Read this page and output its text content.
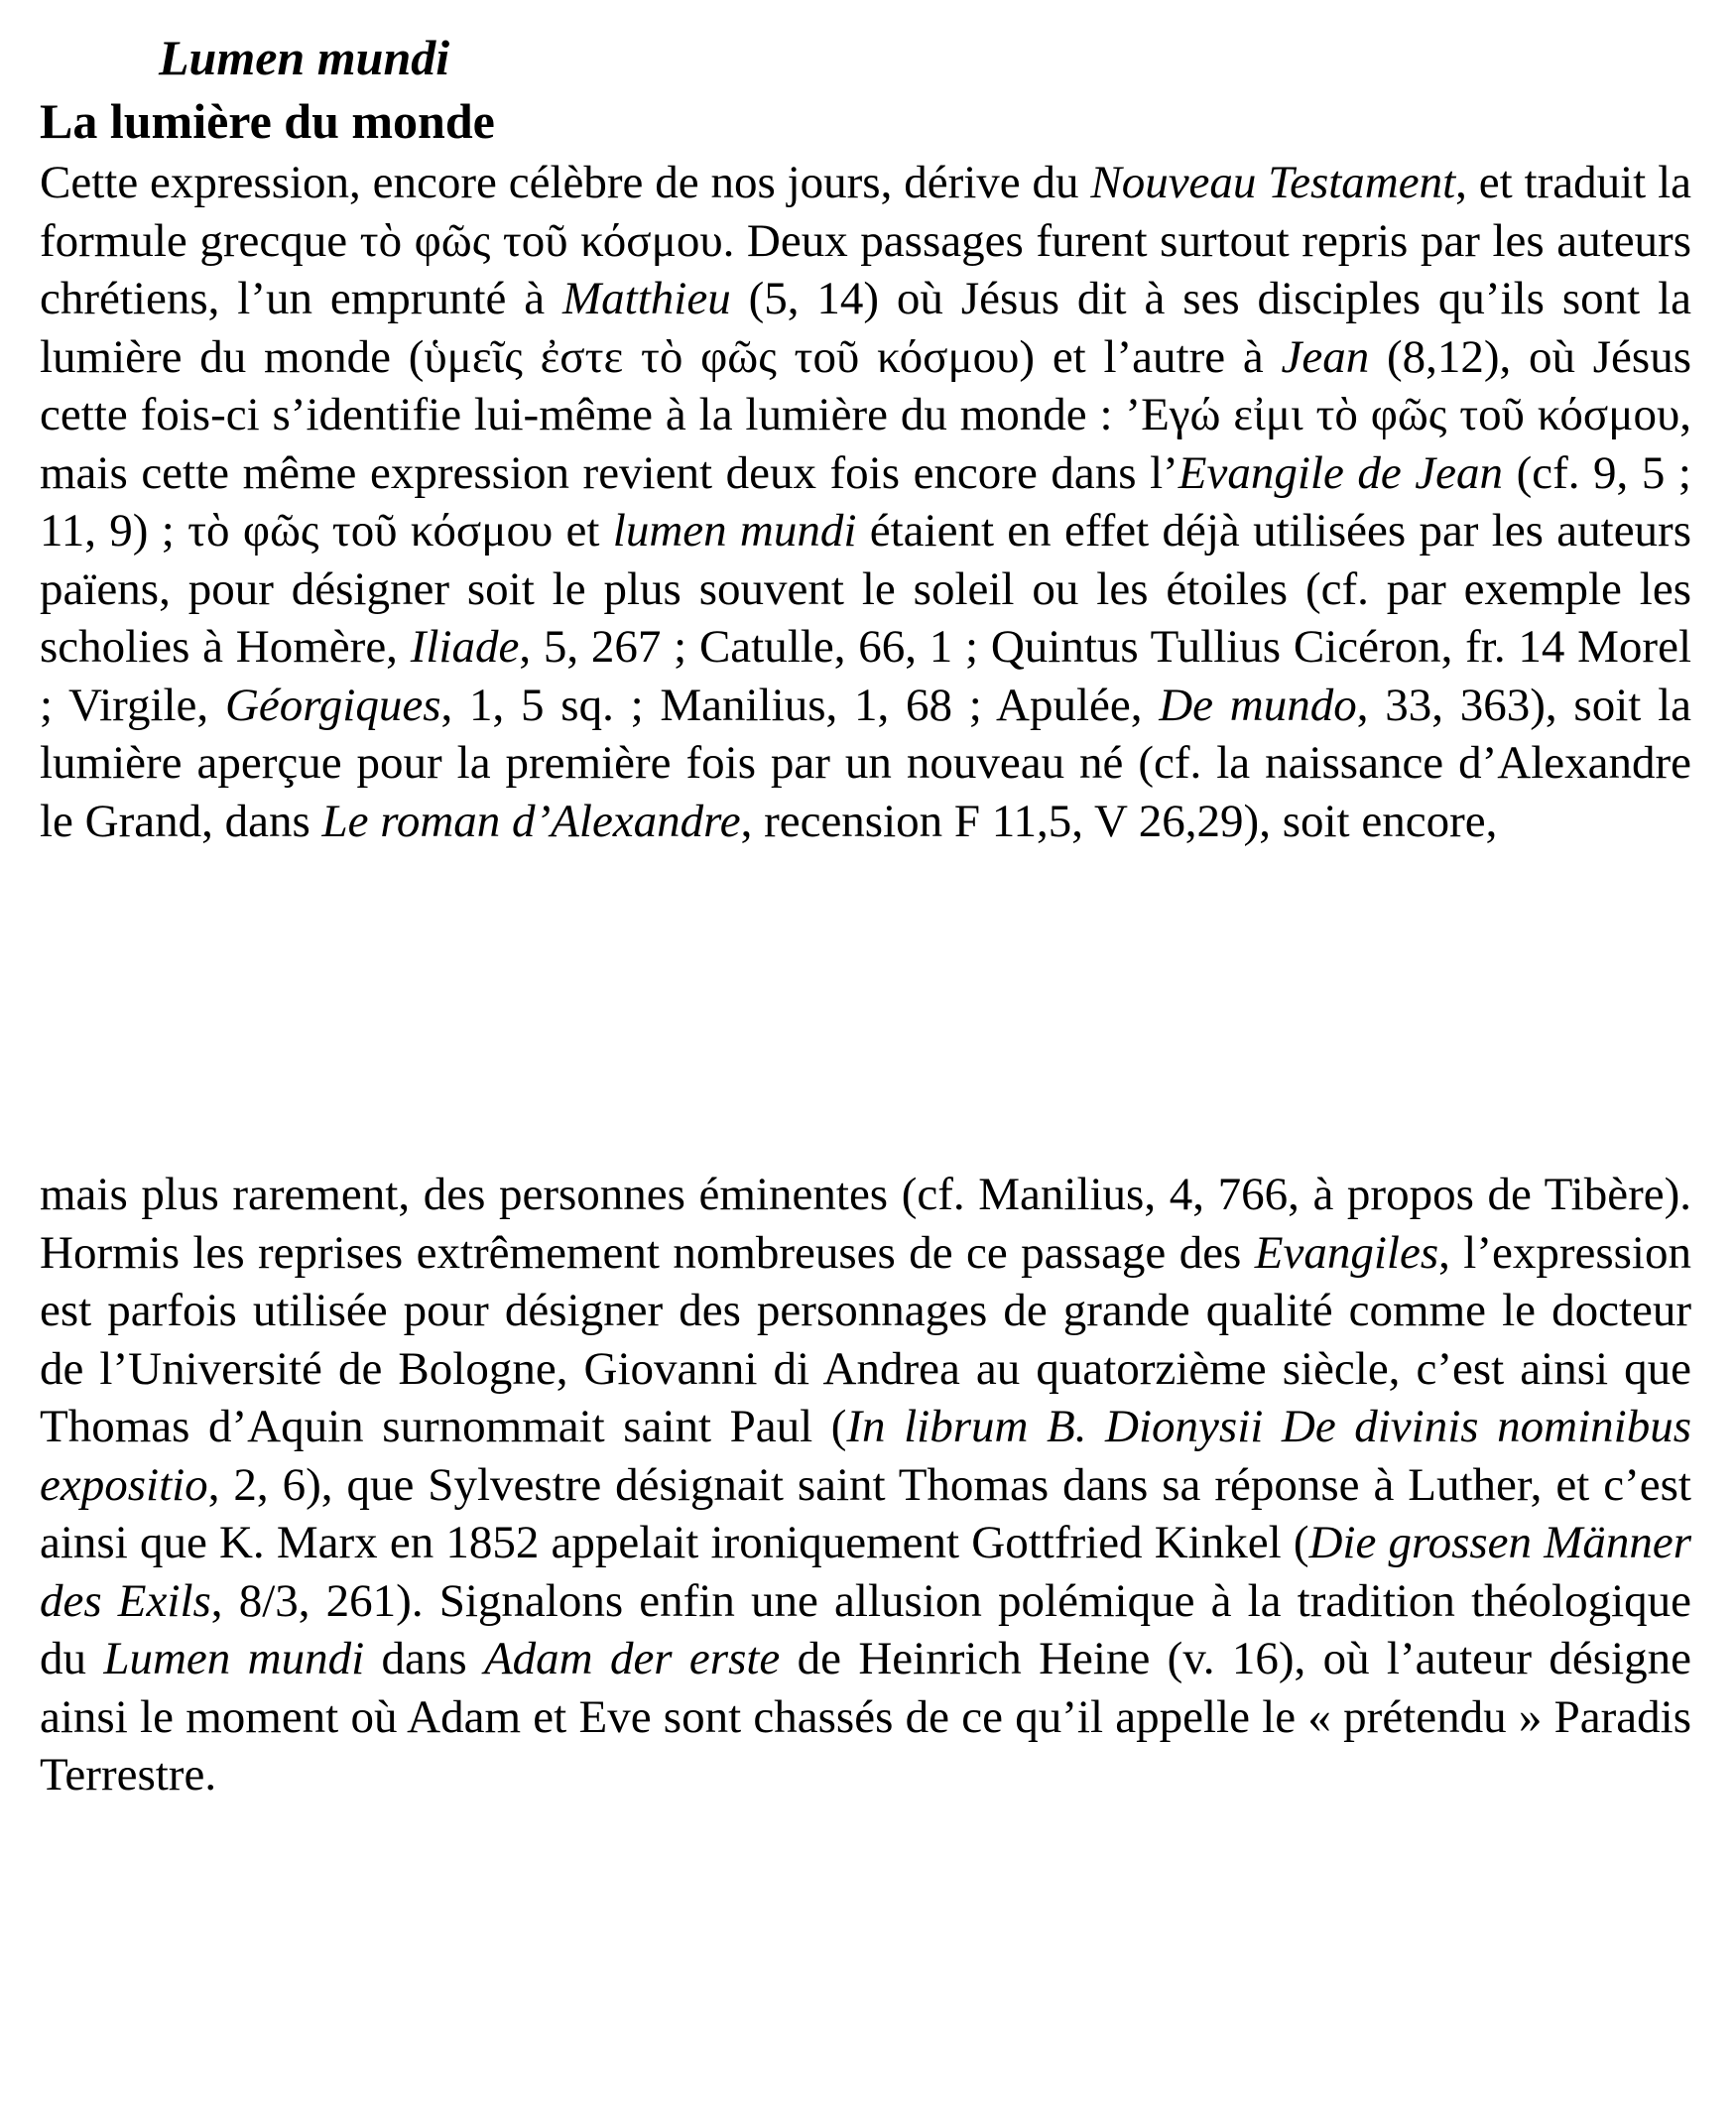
Lumen mundi
La lumière du monde

Cette expression, encore célèbre de nos jours, dérive du Nouveau Testament, et traduit la formule grecque τὸ φῶς τοῦ κόσμου. Deux passages furent surtout repris par les auteurs chrétiens, l’un emprunté à Matthieu (5, 14) où Jésus dit à ses disciples qu’ils sont la lumière du monde (ὑμεῖς ἐστε τὸ φῶς τοῦ κόσμου) et l’autre à Jean (8,12), où Jésus cette fois-ci s’identifie lui-même à la lumière du monde : ’Εγώ εἰμι τὸ φῶς τοῦ κόσμου, mais cette même expression revient deux fois encore dans l’Evangile de Jean (cf. 9, 5 ; 11, 9) ; τὸ φῶς τοῦ κόσμου et lumen mundi étaient en effet déjà utilisées par les auteurs païens, pour désigner soit le plus souvent le soleil ou les étoiles (cf. par exemple les scholies à Homère, Iliade, 5, 267 ; Catulle, 66, 1 ; Quintus Tullius Cicéron, fr. 14 Morel ; Virgile, Géorgiques, 1, 5 sq. ; Manilius, 1, 68 ; Apulée, De mundo, 33, 363), soit la lumière aperçue pour la première fois par un nouveau né (cf. la naissance d’Alexandre le Grand, dans Le roman d’Alexandre, recension F 11,5, V 26,29), soit encore,

mais plus rarement, des personnes éminentes (cf. Manilius, 4, 766, à propos de Tibère). Hormis les reprises extrêmement nombreuses de ce passage des Evangiles, l’expression est parfois utilisée pour désigner des personnages de grande qualité comme le docteur de l’Université de Bologne, Giovanni di Andrea au quatorzième siècle, c’est ainsi que Thomas d’Aquin surnommait saint Paul (In librum B. Dionysii De divinis nominibus expositio, 2, 6), que Sylvestre désignait saint Thomas dans sa réponse à Luther, et c’est ainsi que K. Marx en 1852 appelait ironiquement Gottfried Kinkel (Die grossen Männer des Exils, 8/3, 261). Signalons enfin une allusion polémique à la tradition théologique du Lumen mundi dans Adam der erste de Heinrich Heine (v. 16), où l’auteur désigne ainsi le moment où Adam et Eve sont chassés de ce qu’il appelle le « prétendu » Paradis Terrestre.
